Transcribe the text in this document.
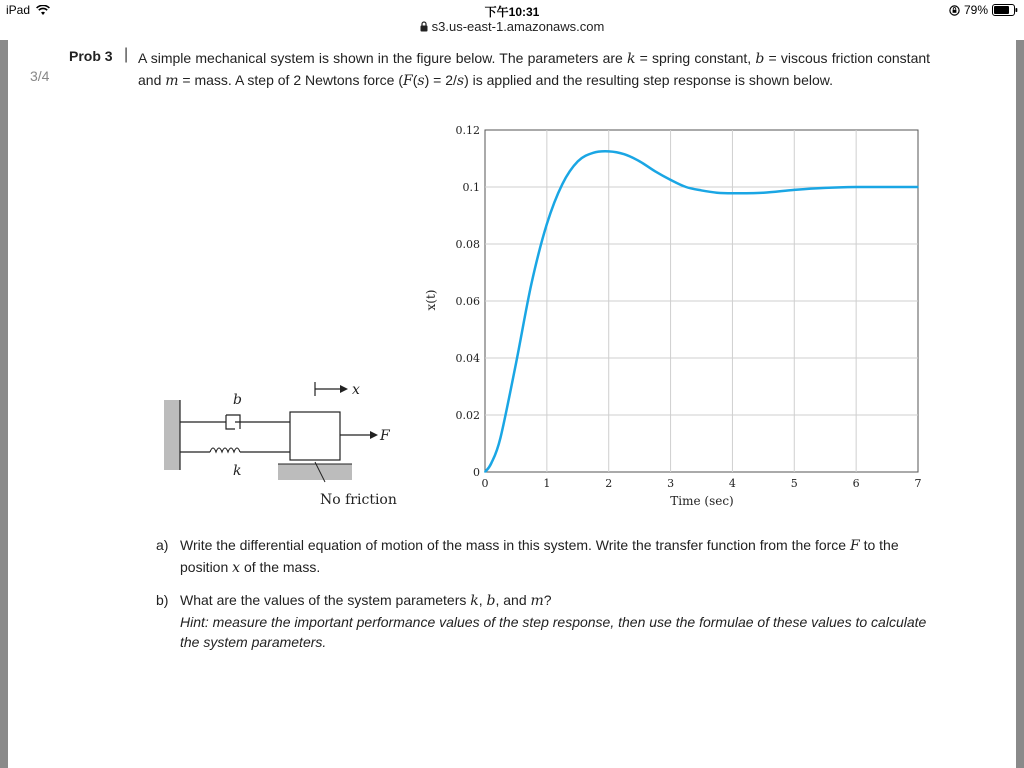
iPad	下午10:31	79%
s3.us-east-1.amazonaws.com
3/4
Prob 3 | A simple mechanical system is shown in the figure below. The parameters are k = spring constant, b = viscous friction constant and m = mass. A step of 2 Newtons force (F(s) = 2/s) is applied and the resulting step response is shown below.
b
k
x
F
No friction
0	1	2	3	4	5	6	7
0
0.02
0.04
0.06
0.08
0.1
0.12
Time (sec)
x(t)
a) Write the differential equation of motion of the mass in this system. Write the transfer function from the force F to the position x of the mass.
b) What are the values of the system parameters k, b, and m?
Hint: measure the important performance values of the step response, then use the formulae of these values to calculate the system parameters.
